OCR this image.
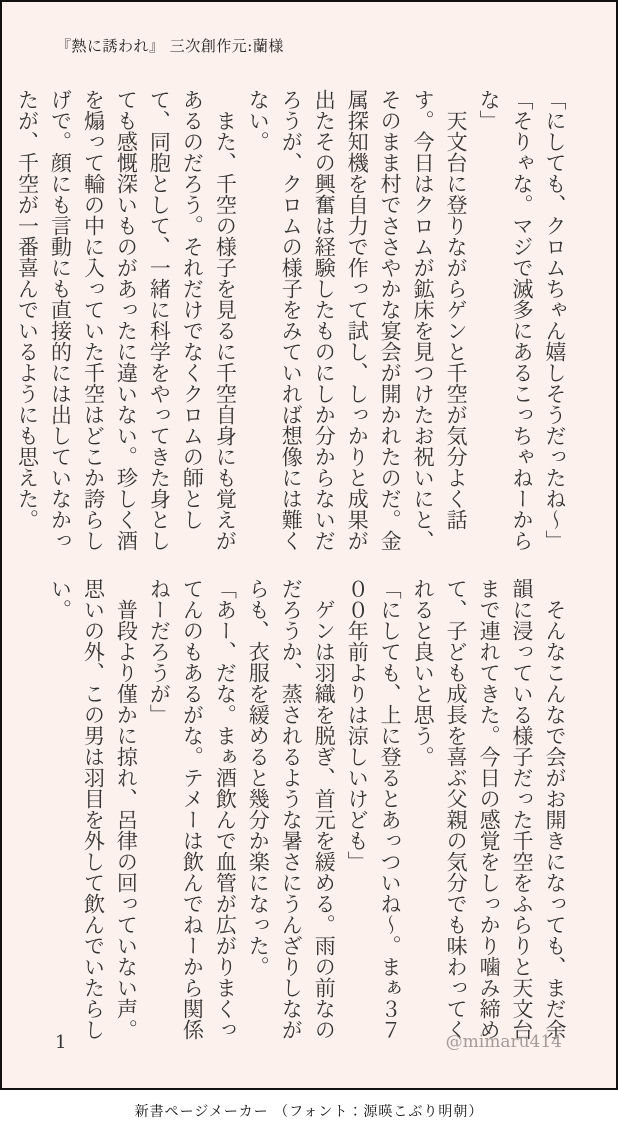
『熱に誘われ』 三次創作元:蘭様

「にしても、クロムちゃん嬉しそうだったね〜」

「そりゃな。マジで滅多にあるこっちゃねーからな」

　天文台に登りながらゲンと千空が気分よく話す。今日はクロムが鉱床を見つけたお祝いにと、そのまま村でささやかな宴会が開かれたのだ。金属探知機を自力で作って試し、しっかりと成果が出たその興奮は経験したものにしか分からないだろうが、クロムの様子をみていれば想像には難くない。

　また、千空の様子を見るに千空自身にも覚えがあるのだろう。それだけでなくクロムの師として、同胞として、一緒に科学をやってきた身としても感慨深いものがあったに違いない。珍しく酒を煽って輪の中に入っていた千空はどこか誇らしげで。顔にも言動にも直接的には出していなかったが、千空が一番喜んでいるようにも思えた。

　そんなこんなで会がお開きになっても、まだ余韻に浸っている様子だった千空をふらりと天文台まで連れてきた。今日の感覚をしっかり噛み締めて、子ども成長を喜ぶ父親の気分でも味わってくれると良いと思う。

「にしても、上に登るとあっついね〜。まぁ３７００年前よりは涼しいけども」

　ゲンは羽織を脱ぎ、首元を緩める。雨の前なのだろうか、蒸されるような暑さにうんざりしながらも、衣服を緩めると幾分か楽になった。

「あー、だな。まぁ酒飲んで血管が広がりまくってんのもあるがな。テメーは飲んでねーから関係ねーだろうが」

　普段より僅かに掠れ、呂律の回っていない声。思いの外、この男は羽目を外して飲んでいたらしい。

1	@mimaru414
新書ページメーカー （フォント：源暎こぶり明朝）
